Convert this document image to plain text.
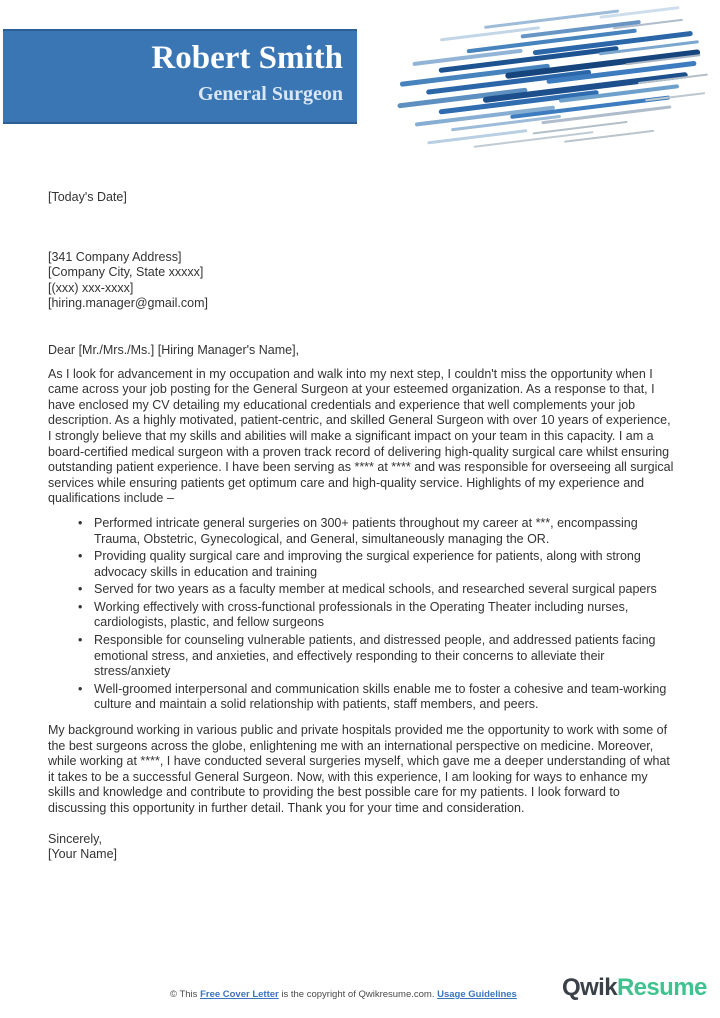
Robert Smith
General Surgeon

[Today's Date]

[341 Company Address]
[Company City, State xxxxx]
[(xxx) xxx-xxxx]
[hiring.manager@gmail.com]
Dear [Mr./Mrs./Ms.] [Hiring Manager's Name],
As I look for advancement in my occupation and walk into my next step, I couldn't miss the opportunity when I came across your job posting for the General Surgeon at your esteemed organization. As a response to that, I have enclosed my CV detailing my educational credentials and experience that well complements your job description. As a highly motivated, patient-centric, and skilled General Surgeon with over 10 years of experience, I strongly believe that my skills and abilities will make a significant impact on your team in this capacity. I am a board-certified medical surgeon with a proven track record of delivering high-quality surgical care whilst ensuring outstanding patient experience. I have been serving as **** at **** and was responsible for overseeing all surgical services while ensuring patients get optimum care and high-quality service. Highlights of my experience and qualifications include –
• Performed intricate general surgeries on 300+ patients throughout my career at ***, encompassing Trauma, Obstetric, Gynecological, and General, simultaneously managing the OR.
• Providing quality surgical care and improving the surgical experience for patients, along with strong advocacy skills in education and training
• Served for two years as a faculty member at medical schools, and researched several surgical papers
• Working effectively with cross-functional professionals in the Operating Theater including nurses, cardiologists, plastic, and fellow surgeons
• Responsible for counseling vulnerable patients, and distressed people, and addressed patients facing emotional stress, and anxieties, and effectively responding to their concerns to alleviate their stress/anxiety
• Well-groomed interpersonal and communication skills enable me to foster a cohesive and team-working culture and maintain a solid relationship with patients, staff members, and peers.
My background working in various public and private hospitals provided me the opportunity to work with some of the best surgeons across the globe, enlightening me with an international perspective on medicine. Moreover, while working at ****, I have conducted several surgeries myself, which gave me a deeper understanding of what it takes to be a successful General Surgeon. Now, with this experience, I am looking for ways to enhance my skills and knowledge and contribute to providing the best possible care for my patients. I look forward to discussing this opportunity in further detail. Thank you for your time and consideration.
Sincerely,
[Your Name]
© This Free Cover Letter is the copyright of Qwikresume.com. Usage Guidelines QwikResume
